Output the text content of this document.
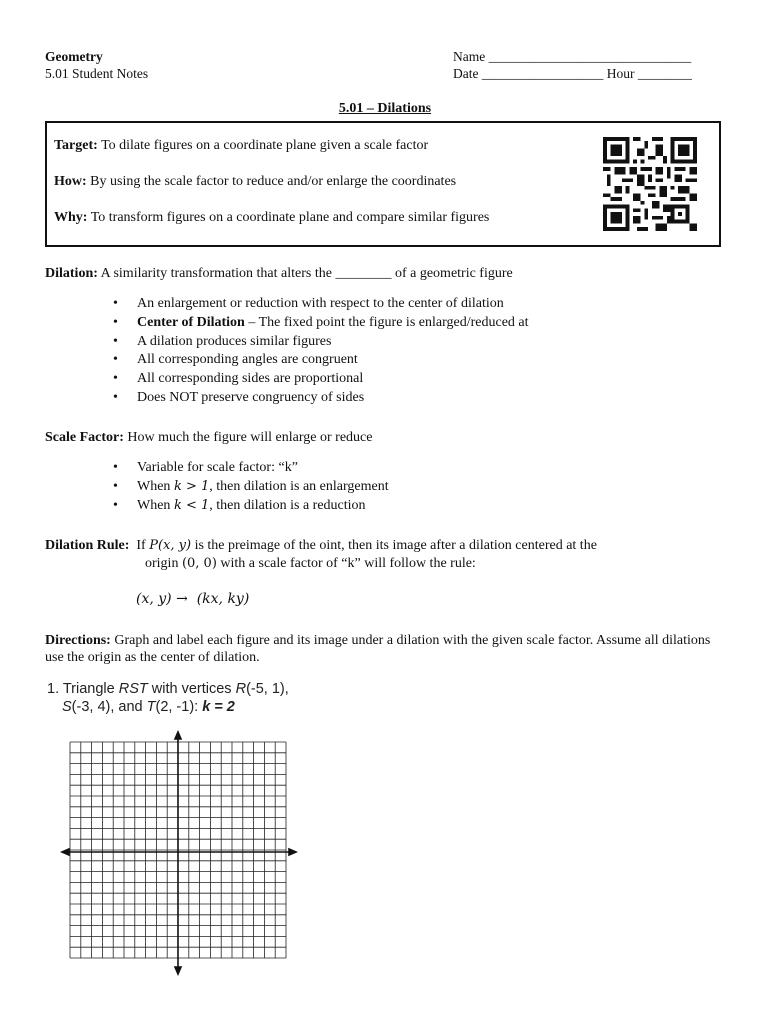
Geometry
5.01 Student Notes
Name ______________________________
Date __________________ Hour ________
5.01 – Dilations
Target: To dilate figures on a coordinate plane given a scale factor
How: By using the scale factor to reduce and/or enlarge the coordinates
Why: To transform figures on a coordinate plane and compare similar figures
Dilation: A similarity transformation that alters the ________ of a geometric figure
• An enlargement or reduction with respect to the center of dilation
• Center of Dilation – The fixed point the figure is enlarged/reduced at
• A dilation produces similar figures
• All corresponding angles are congruent
• All corresponding sides are proportional
• Does NOT preserve congruency of sides
Scale Factor: How much the figure will enlarge or reduce
• Variable for scale factor: “k”
• When k > 1, then dilation is an enlargement
• When k < 1, then dilation is a reduction
Dilation Rule: If P(x, y) is the preimage of the oint, then its image after a dilation centered at the
origin (0, 0) with a scale factor of “k” will follow the rule:
(x, y) →  (kx, ky)
Directions: Graph and label each figure and its image under a dilation with the given scale factor. Assume all dilations use the origin as the center of dilation.
1. Triangle RST with vertices R(-5, 1),
S(-3, 4), and T(2, -1): k = 2
